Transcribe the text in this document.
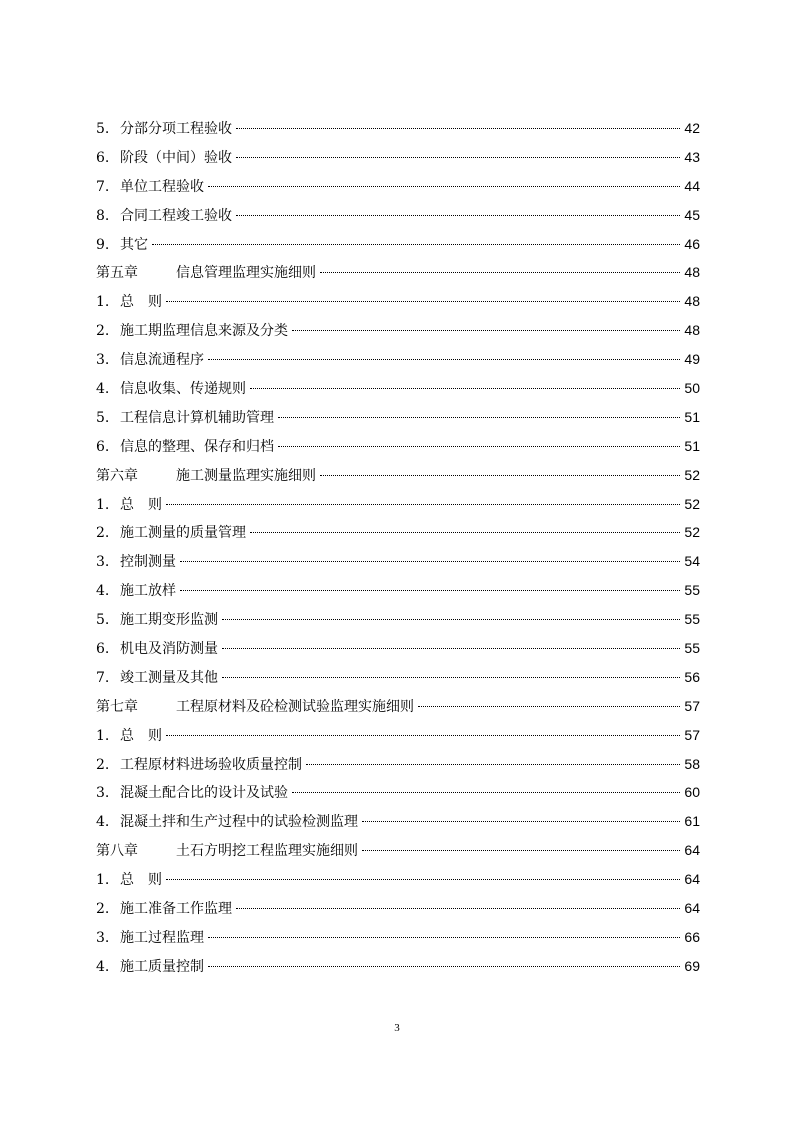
5. 分部分项工程验收	42
6. 阶段（中间）验收	43
7. 单位工程验收	44
8. 合同工程竣工验收	45
9. 其它	46
第五章	信息管理监理实施细则	48
1. 总　则	48
2. 施工期监理信息来源及分类	48
3. 信息流通程序	49
4. 信息收集、传递规则	50
5. 工程信息计算机辅助管理	51
6. 信息的整理、保存和归档	51
第六章	施工测量监理实施细则	52
1. 总　则	52
2. 施工测量的质量管理	52
3. 控制测量	54
4. 施工放样	55
5. 施工期变形监测	55
6. 机电及消防测量	55
7. 竣工测量及其他	56
第七章	工程原材料及砼检测试验监理实施细则	57
1. 总　则	57
2. 工程原材料进场验收质量控制	58
3. 混凝土配合比的设计及试验	60
4. 混凝土拌和生产过程中的试验检测监理	61
第八章	土石方明挖工程监理实施细则	64
1. 总　则	64
2. 施工准备工作监理	64
3. 施工过程监理	66
4. 施工质量控制	69
3
